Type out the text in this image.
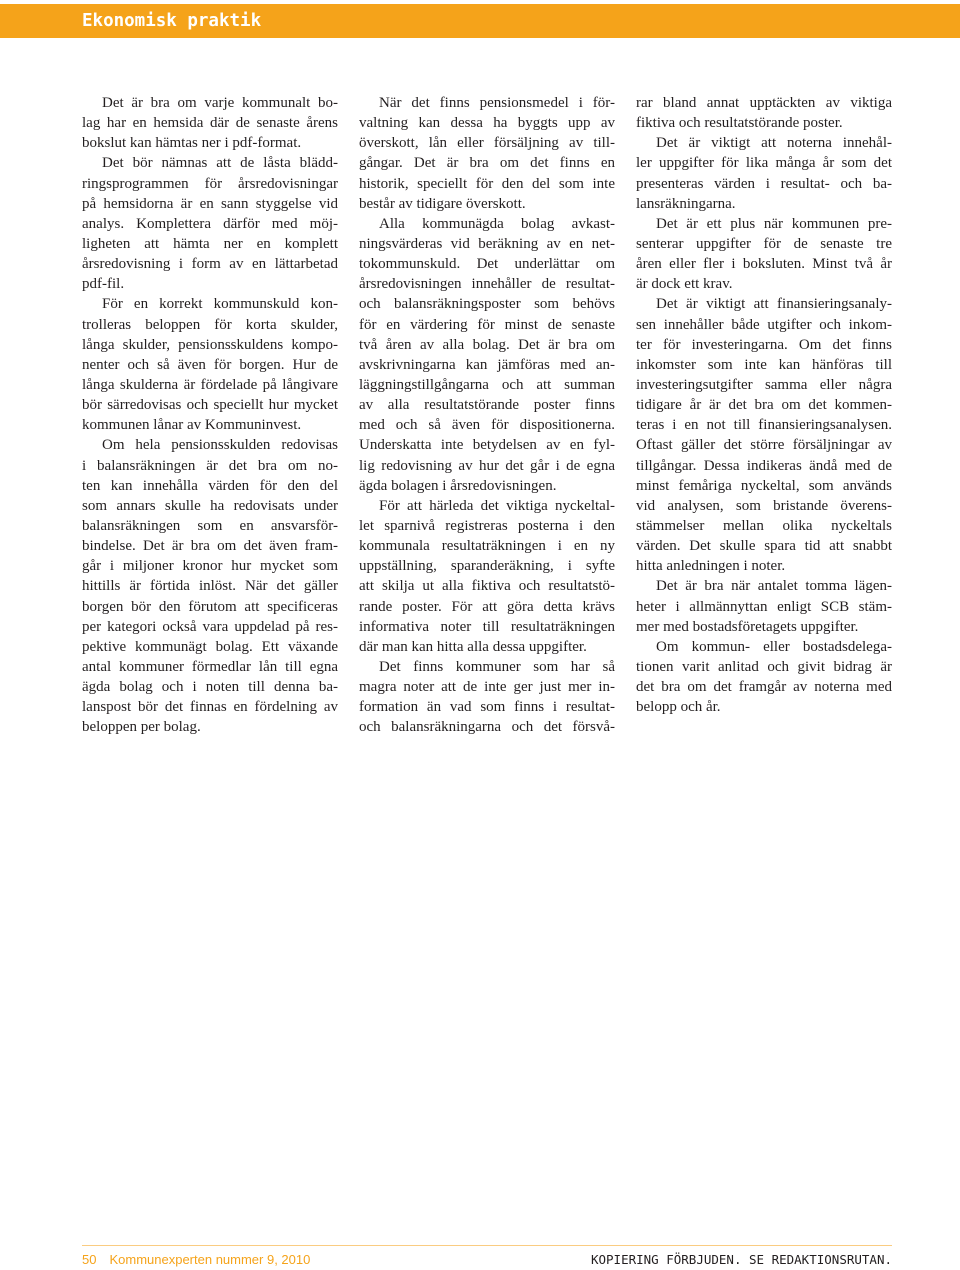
Ekonomisk praktik
Det är bra om varje kommunalt bo-
lag har en hemsida där de senaste årens
bokslut kan hämtas ner i pdf-format.
Det bör nämnas att de låsta blädd-
ringsprogrammen för årsredovisningar
på hemsidorna är en sann styggelse vid
analys. Komplettera därför med möj-
ligheten att hämta ner en komplett
årsredovisning i form av en lättarbetad
pdf-fil.
För en korrekt kommunskuld kon-
trolleras beloppen för korta skulder,
långa skulder, pensionsskuldens kompo-
nenter och så även för borgen. Hur de
långa skulderna är fördelade på långivare
bör särredovisas och speciellt hur mycket
kommunen lånar av Kommuninvest.
Om hela pensionsskulden redovisas
i balansräkningen är det bra om no-
ten kan innehålla värden för den del
som annars skulle ha redovisats under
balansräkningen som en ansvarsför-
bindelse. Det är bra om det även fram-
går i miljoner kronor hur mycket som
hittills är förtida inlöst. När det gäller
borgen bör den förutom att specificeras
per kategori också vara uppdelad på res-
pektive kommunägt bolag. Ett växande
antal kommuner förmedlar lån till egna
ägda bolag och i noten till denna ba-
lanspost bör det finnas en fördelning av
beloppen per bolag.
När det finns pensionsmedel i för-
valtning kan dessa ha byggts upp av
överskott, lån eller försäljning av till-
gångar. Det är bra om det finns en
historik, speciellt för den del som inte
består av tidigare överskott.
Alla kommunägda bolag avkast-
ningsvärderas vid beräkning av en net-
tokommunskuld. Det underlättar om
årsredovisningen innehåller de resultat-
och balansräkningsposter som behövs
för en värdering för minst de senaste
två åren av alla bolag. Det är bra om
avskrivningarna kan jämföras med an-
läggningstillgångarna och att summan
av alla resultatstörande poster finns
med och så även för dispositionerna.
Underskatta inte betydelsen av en fyl-
lig redovisning av hur det går i de egna
ägda bolagen i årsredovisningen.
För att härleda det viktiga nyckeltal-
let sparnivå registreras posterna i den
kommunala resultaträkningen i en ny
uppställning, sparanderäkning, i syfte
att skilja ut alla fiktiva och resultatstö-
rande poster. För att göra detta krävs
informativa noter till resultaträkningen
där man kan hitta alla dessa uppgifter.
Det finns kommuner som har så
magra noter att de inte ger just mer in-
formation än vad som finns i resultat-
och balansräkningarna och det försvå-
rar bland annat upptäckten av viktiga
fiktiva och resultatstörande poster.
Det är viktigt att noterna innehål-
ler uppgifter för lika många år som det
presenteras värden i resultat- och ba-
lansräkningarna.
Det är ett plus när kommunen pre-
senterar uppgifter för de senaste tre
åren eller fler i boksluten. Minst två år
är dock ett krav.
Det är viktigt att finansieringsanaly-
sen innehåller både utgifter och inkom-
ter för investeringarna. Om det finns
inkomster som inte kan hänföras till
investeringsutgifter samma eller några
tidigare år är det bra om det kommen-
teras i en not till finansieringsanalysen.
Oftast gäller det större försäljningar av
tillgångar. Dessa indikeras ändå med de
minst femåriga nyckeltal, som används
vid analysen, som bristande överens-
stämmelser mellan olika nyckeltals
värden. Det skulle spara tid att snabbt
hitta anledningen i noter.
Det är bra när antalet tomma lägen-
heter i allmännyttan enligt SCB stäm-
mer med bostadsföretagets uppgifter.
Om kommun- eller bostadsdelega-
tionen varit anlitad och givit bidrag är
det bra om det framgår av noterna med
belopp och år.
50 Kommunexperten nummer 9, 2010	KOPIERING FÖRBJUDEN. SE REDAKTIONSRUTAN.
